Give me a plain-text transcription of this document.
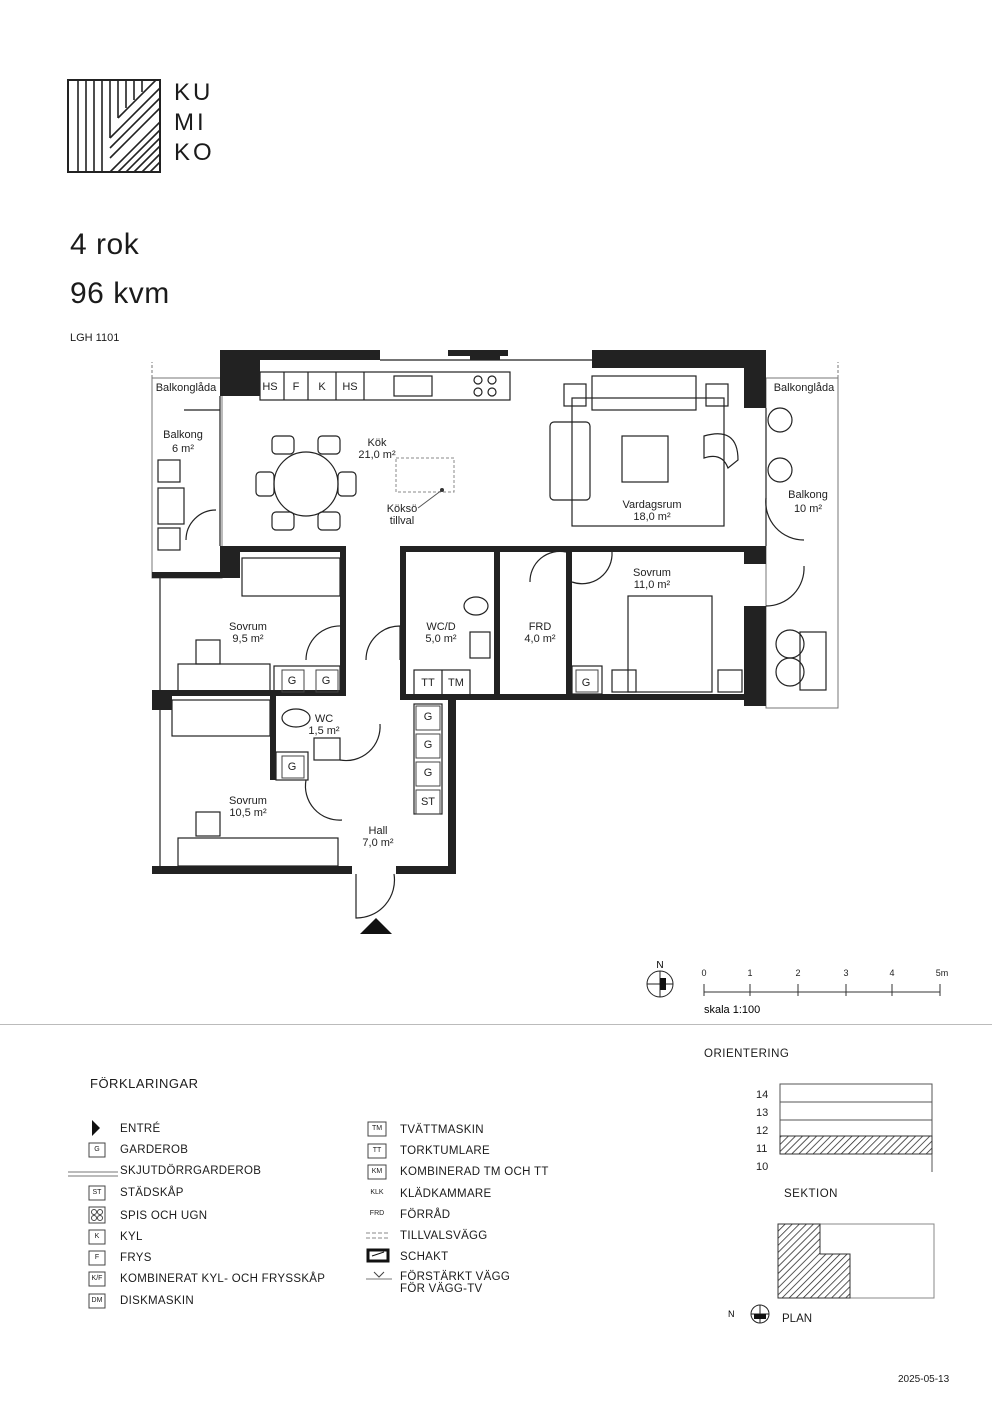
KU
MI
KO
4 rok
96 kvm
LGH 1101
HS F K HS
Balkonglåda	Balkonglåda
Balkong
6 m²	Kök
21,0 m²
Köksö
tillval
Vardagsrum
18,0 m²
Balkong
10 m²
Sovrum
9,5 m²
WC/D
5,0 m²
FRD
4,0 m²
Sovrum
11,0 m²
WC
1,5 m²
Sovrum
10,5 m²
Hall
7,0 m²
G G
G
G
G
G
G
ST
TT TM
N
0	1	2	3	4	5m
skala 1:100
FÖRKLARINGAR
G
ST
K
F
K/F
DM
ENTRÉ
GARDEROB
SKJUTDÖRRGARDEROB
STÄDSKÅP
SPIS OCH UGN
KYL
FRYS
KOMBINERAT KYL- OCH FRYSSKÅP
DISKMASKIN
TM
TT
KM
KLK
FRD
TVÄTTMASKIN
TORKTUMLARE
KOMBINERAD TM OCH TT
KLÄDKAMMARE
FÖRRÅD
TILLVALSVÄGG
SCHAKT
FÖRSTÄRKT VÄGG
FÖR VÄGG-TV
ORIENTERING
14
13
12
11
10
SEKTION
N	PLAN
2025-05-13
